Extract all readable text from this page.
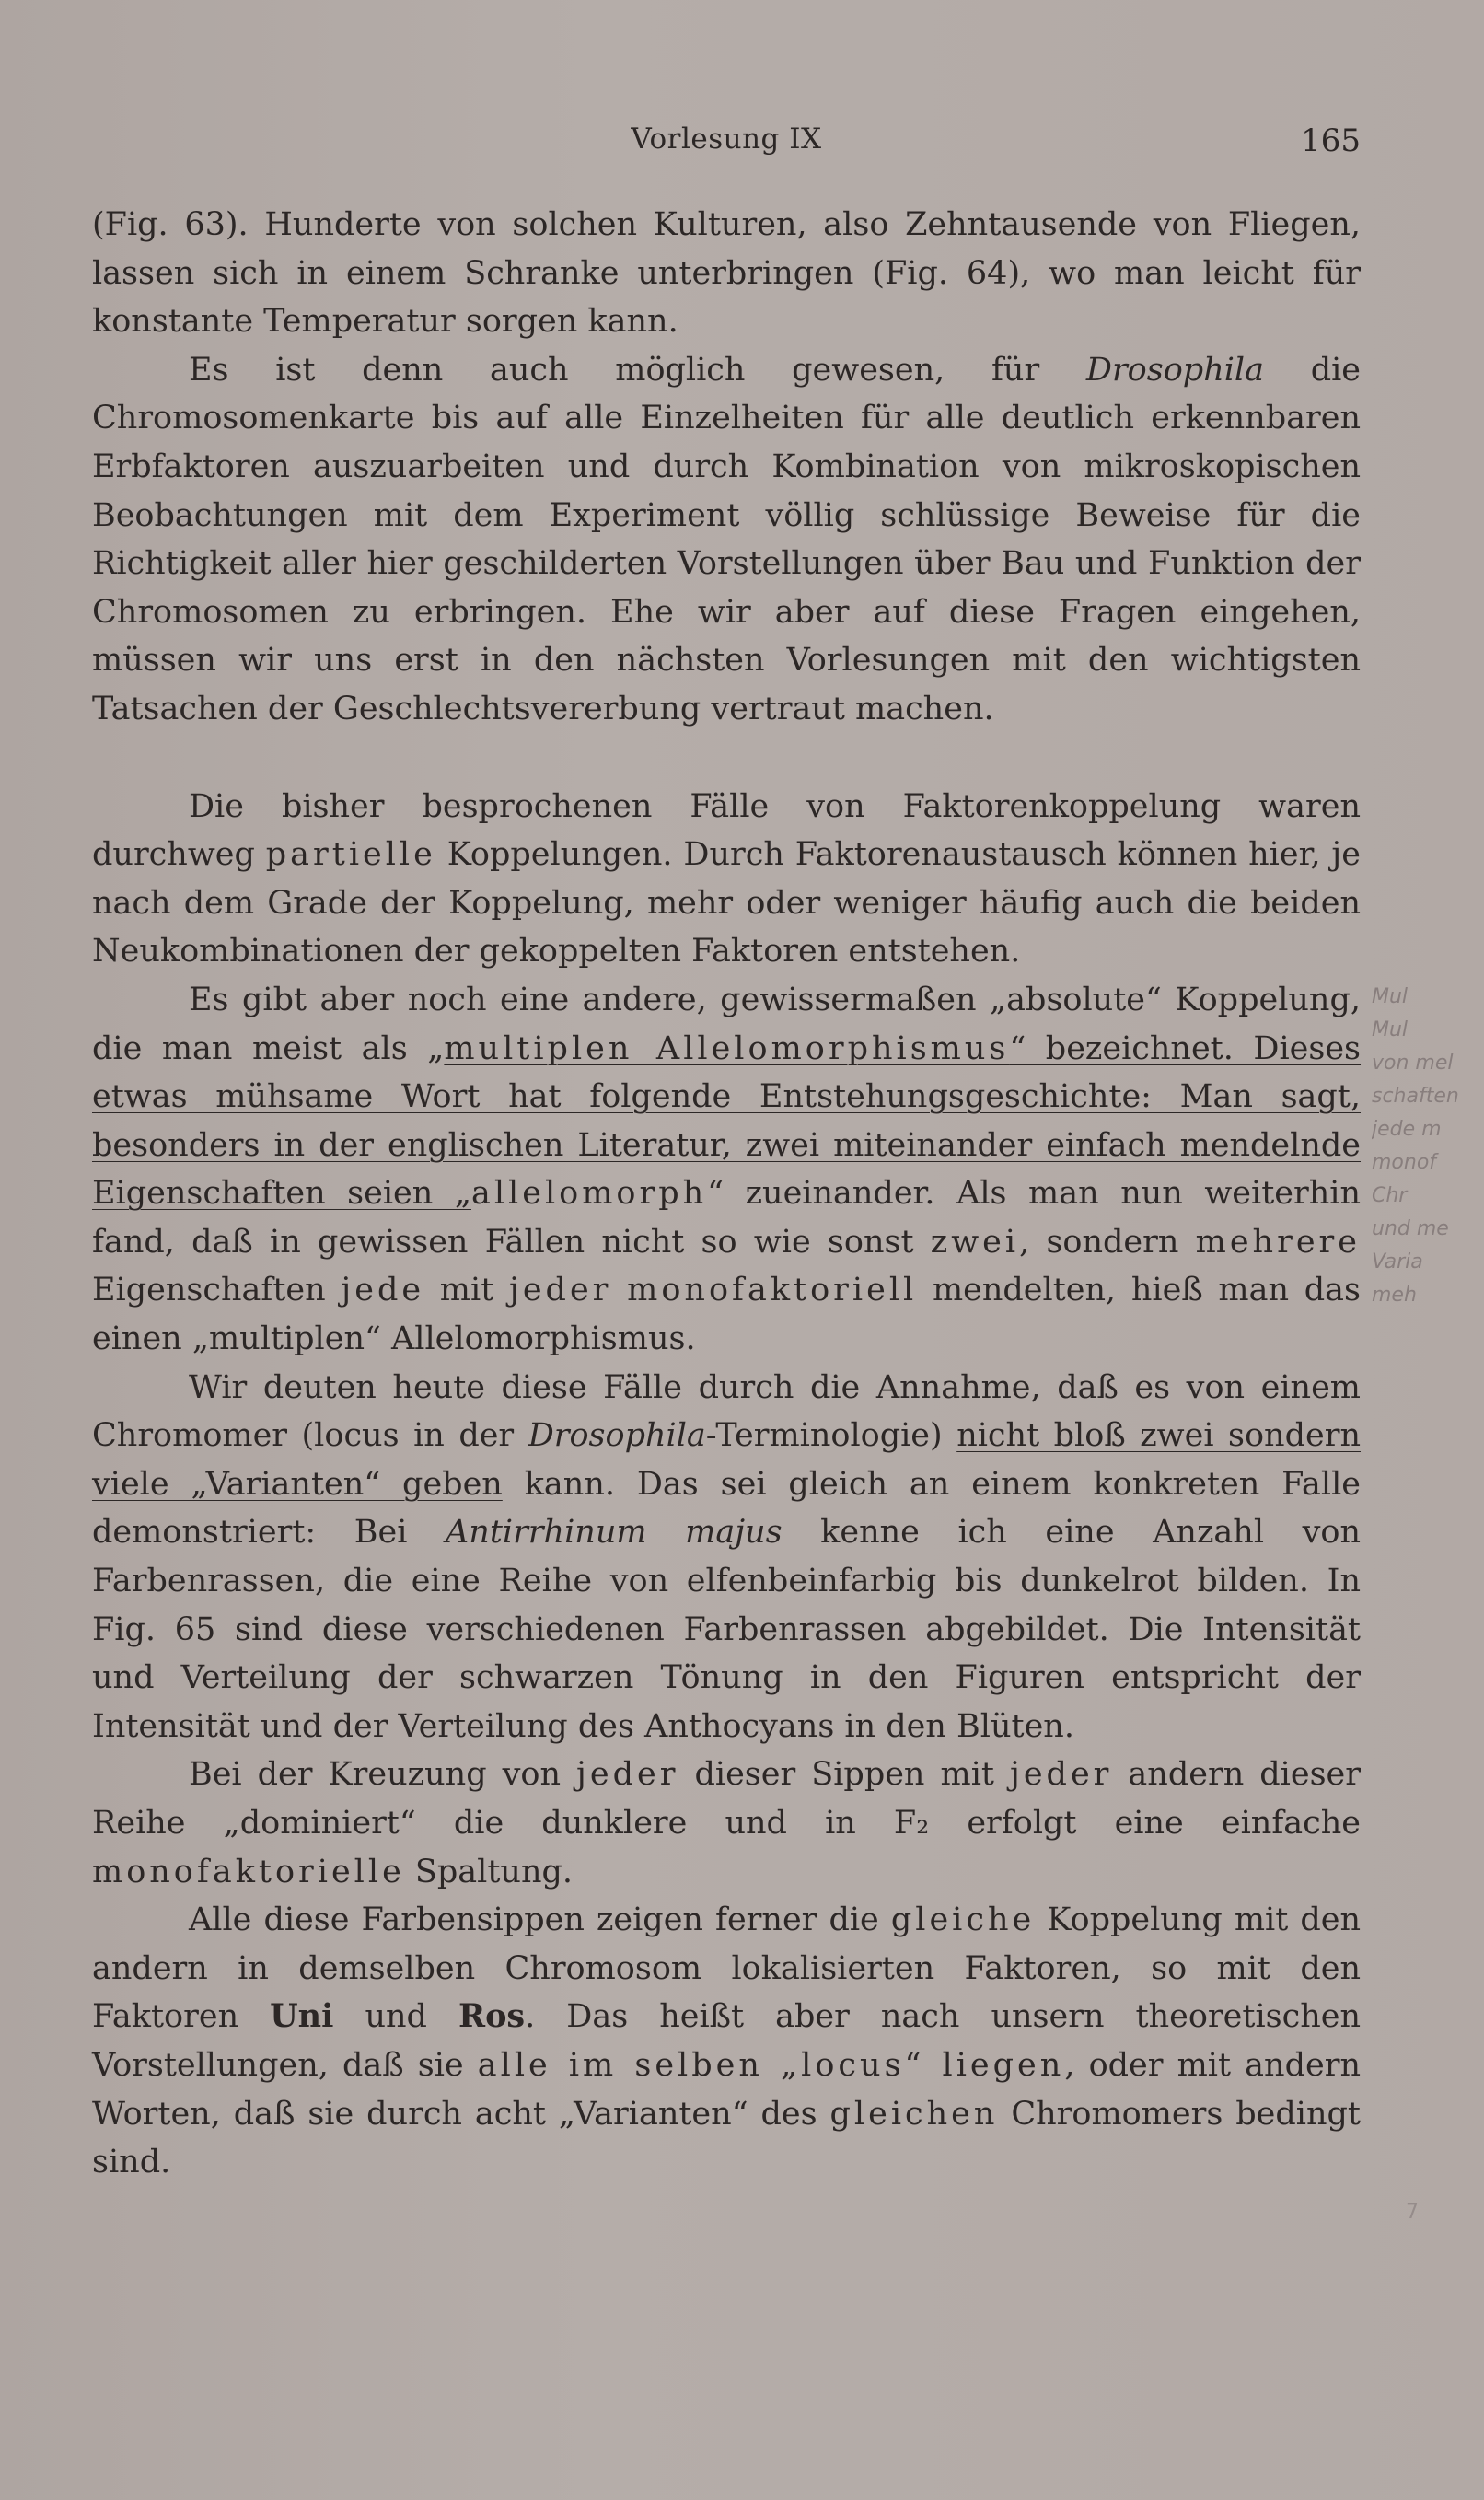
Vorlesung IX	165

(Fig. 63). Hunderte von solchen Kulturen, also Zehntausende von Fliegen, lassen sich in einem Schranke unterbringen (Fig. 64), wo man leicht für konstante Temperatur sorgen kann.

Es ist denn auch möglich gewesen, für Drosophila die Chromosomenkarte bis auf alle Einzelheiten für alle deutlich erkennbaren Erbfaktoren auszuarbeiten und durch Kombination von mikroskopischen Beobachtungen mit dem Experiment völlig schlüssige Beweise für die Richtigkeit aller hier geschilderten Vorstellungen über Bau und Funktion der Chromosomen zu erbringen. Ehe wir aber auf diese Fragen eingehen, müssen wir uns erst in den nächsten Vorlesungen mit den wichtigsten Tatsachen der Geschlechtsvererbung vertraut machen.

Die bisher besprochenen Fälle von Faktorenkoppelung waren durchweg partielle Koppelungen. Durch Faktorenaustausch können hier, je nach dem Grade der Koppelung, mehr oder weniger häufig auch die beiden Neukombinationen der gekoppelten Faktoren entstehen.

Es gibt aber noch eine andere, gewissermaßen „absolute“ Koppelung, die man meist als „multiplen Allelomorphismus“ bezeichnet. Dieses etwas mühsame Wort hat folgende Entstehungsgeschichte: Man sagt, besonders in der englischen Literatur, zwei miteinander einfach mendelnde Eigenschaften seien „allelomorph“ zueinander. Als man nun weiterhin fand, daß in gewissen Fällen nicht so wie sonst zwei, sondern mehrere Eigenschaften jede mit jeder monofaktoriell mendelten, hieß man das einen „multiplen“ Allelomorphismus.

Wir deuten heute diese Fälle durch die Annahme, daß es von einem Chromomer (locus in der Drosophila-Terminologie) nicht bloß zwei sondern viele „Varianten“ geben kann. Das sei gleich an einem konkreten Falle demonstriert: Bei Antirrhinum majus kenne ich eine Anzahl von Farbenrassen, die eine Reihe von elfenbeinfarbig bis dunkelrot bilden. In Fig. 65 sind diese verschiedenen Farbenrassen abgebildet. Die Intensität und Verteilung der schwarzen Tönung in den Figuren entspricht der Intensität und der Verteilung des Anthocyans in den Blüten.

Bei der Kreuzung von jeder dieser Sippen mit jeder andern dieser Reihe „dominiert“ die dunklere und in F₂ erfolgt eine einfache monofaktorielle Spaltung.

Alle diese Farbensippen zeigen ferner die gleiche Koppelung mit den andern in demselben Chromosom lokalisierten Faktoren, so mit den Faktoren Uni und Ros. Das heißt aber nach unsern theoretischen Vorstellungen, daß sie alle im selben „locus“ liegen, oder mit andern Worten, daß sie durch acht „Varianten“ des gleichen Chromomers bedingt sind.

Mul
Mul
von mel
schaften
jede m
monof
Chr
und me
Varia
meh
7
